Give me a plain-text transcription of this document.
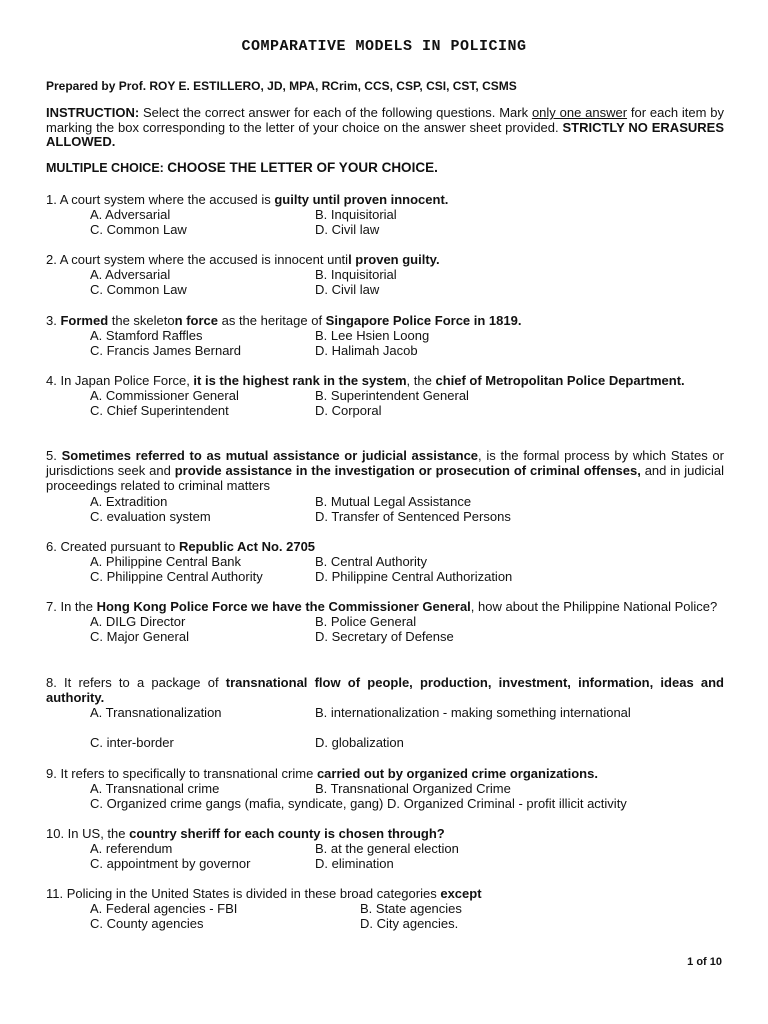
COMPARATIVE MODELS IN POLICING
Prepared by Prof. ROY E. ESTILLERO, JD, MPA, RCrim, CCS, CSP, CSI, CST, CSMS
INSTRUCTION: Select the correct answer for each of the following questions. Mark only one answer for each item by marking the box corresponding to the letter of your choice on the answer sheet provided. STRICTLY NO ERASURES ALLOWED.
MULTIPLE CHOICE: CHOOSE THE LETTER OF YOUR CHOICE.
1. A court system where the accused is guilty until proven innocent.
A. Adversarial	B. Inquisitorial
C. Common Law	D. Civil law
2. A court system where the accused is innocent until proven guilty.
A. Adversarial	B. Inquisitorial
C. Common Law	D. Civil law
3. Formed the skeleton force as the heritage of Singapore Police Force in 1819.
A. Stamford Raffles	B. Lee Hsien Loong
C. Francis James Bernard	D. Halimah Jacob
4. In Japan Police Force, it is the highest rank in the system, the chief of Metropolitan Police Department.
A. Commissioner General	B. Superintendent General
C. Chief Superintendent	D. Corporal
5. Sometimes referred to as mutual assistance or judicial assistance, is the formal process by which States or jurisdictions seek and provide assistance in the investigation or prosecution of criminal offenses, and in judicial proceedings related to criminal matters
A. Extradition	B. Mutual Legal Assistance
C. evaluation system	D. Transfer of Sentenced Persons
6. Created pursuant to Republic Act No. 2705
A. Philippine Central Bank	B. Central Authority
C. Philippine Central Authority	D. Philippine Central Authorization
7. In the Hong Kong Police Force we have the Commissioner General, how about the Philippine National Police?
A. DILG Director	B. Police General
C. Major General	D. Secretary of Defense
8. It refers to a package of transnational flow of people, production, investment, information, ideas and authority.
A. Transnationalization	B. internationalization - making something international
C. inter-border	D. globalization
9. It refers to specifically to transnational crime carried out by organized crime organizations.
A. Transnational crime	B. Transnational Organized Crime
C. Organized crime gangs (mafia, syndicate, gang) D. Organized Criminal - profit illicit activity
10. In US, the country sheriff for each county is chosen through?
A. referendum	B. at the general election
C. appointment by governor	D. elimination
11. Policing in the United States is divided in these broad categories except
A. Federal agencies - FBI	B. State agencies
C. County agencies	D. City agencies.
1 of 10
